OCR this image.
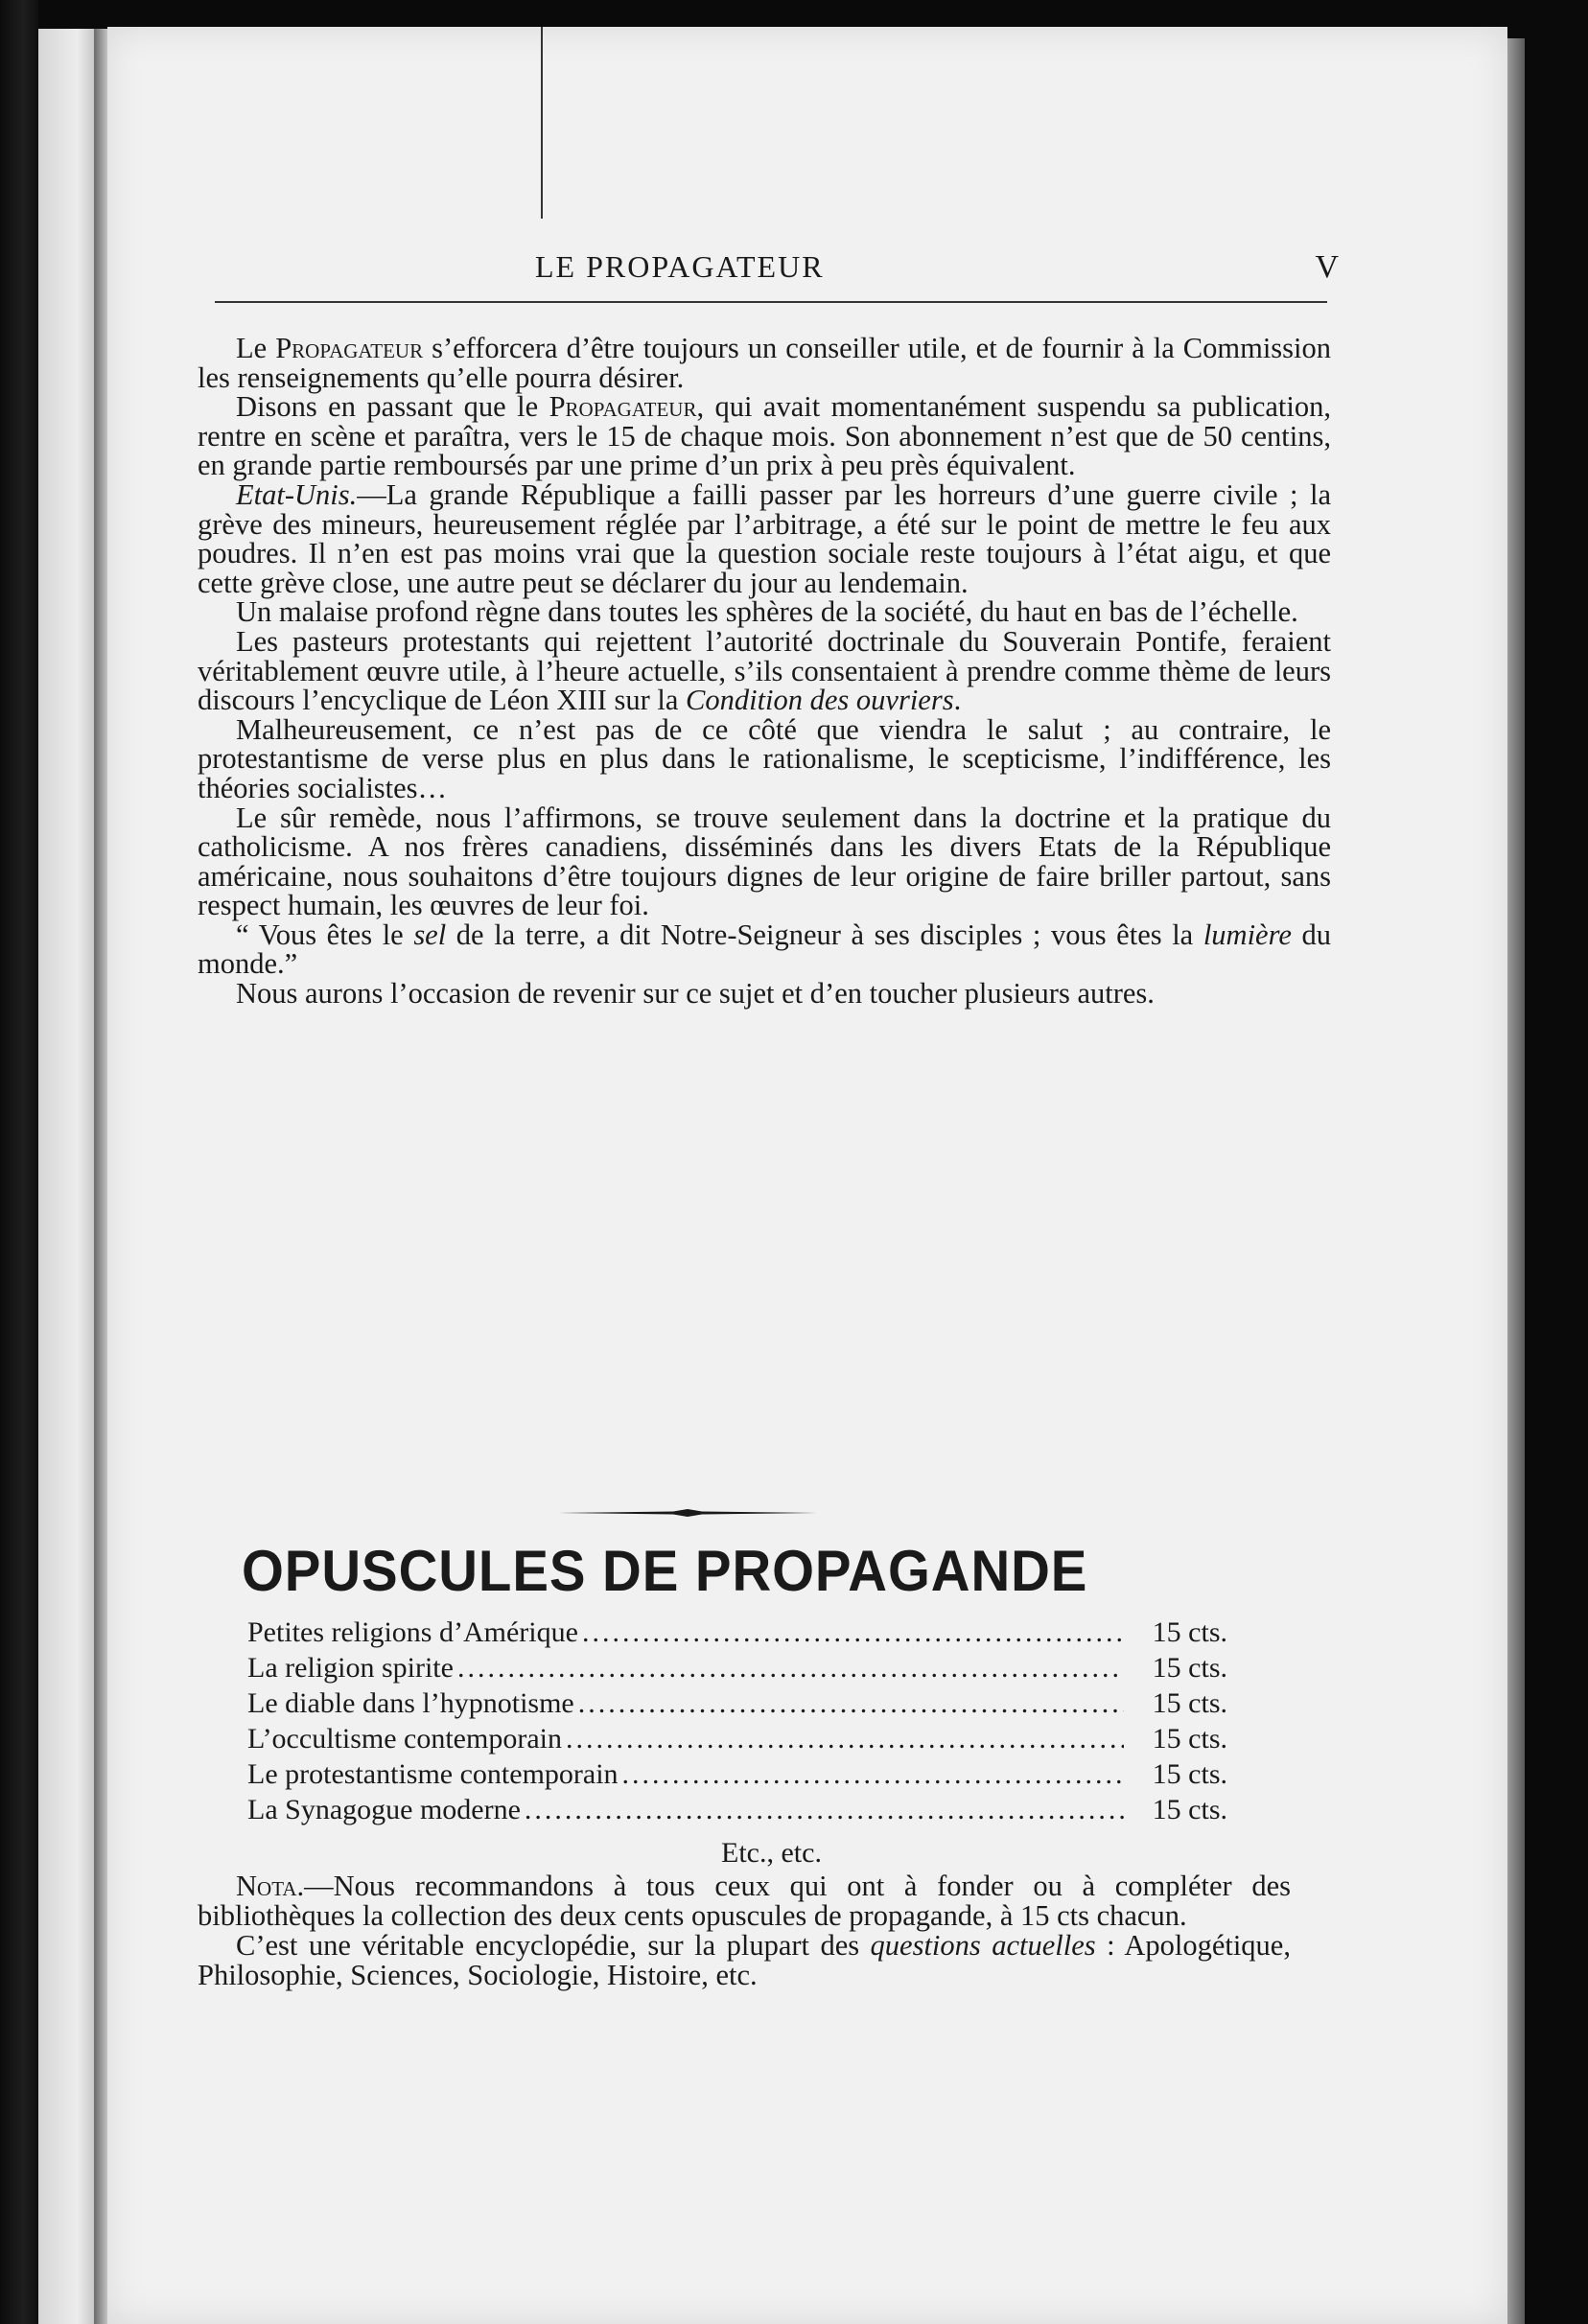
LE PROPAGATEUR	V

Le Propagateur s’efforcera d’être toujours un conseiller utile, et de fournir à la Commission les renseignements qu’elle pourra désirer.

Disons en passant que le Propagateur, qui avait momentanément suspendu sa publication, rentre en scène et paraîtra, vers le 15 de chaque mois. Son abonnement n’est que de 50 centins, en grande partie remboursés par une prime d’un prix à peu près équivalent.

Etat-Unis.—La grande République a failli passer par les horreurs d’une guerre civile ; la grève des mineurs, heureusement réglée par l’arbitrage, a été sur le point de mettre le feu aux poudres. Il n’en est pas moins vrai que la question sociale reste toujours à l’état aigu, et que cette grève close, une autre peut se déclarer du jour au lendemain.

Un malaise profond règne dans toutes les sphères de la société, du haut en bas de l’échelle.

Les pasteurs protestants qui rejettent l’autorité doctrinale du Souverain Pontife, feraient véritablement œuvre utile, à l’heure actuelle, s’ils consentaient à prendre comme thème de leurs discours l’encyclique de Léon XIII sur la Condition des ouvriers.

Malheureusement, ce n’est pas de ce côté que viendra le salut ; au contraire, le protestantisme de verse plus en plus dans le rationalisme, le scepticisme, l’indifférence, les théories socialistes…

Le sûr remède, nous l’affirmons, se trouve seulement dans la doctrine et la pratique du catholicisme. A nos frères canadiens, disséminés dans les divers Etats de la République américaine, nous souhaitons d’être toujours dignes de leur origine de faire briller partout, sans respect humain, les œuvres de leur foi.

“ Vous êtes le sel de la terre, a dit Notre-Seigneur à ses disciples ; vous êtes la lumière du monde.”

Nous aurons l’occasion de revenir sur ce sujet et d’en toucher plusieurs autres.

OPUSCULES DE PROPAGANDE
Petites religions d’Amérique .....	15 cts.
La religion spirite .....	15 cts.
Le diable dans l’hypnotisme .....	15 cts.
L’occultisme contemporain .....	15 cts.
Le protestantisme contemporain .....	15 cts.
La Synagogue moderne .....	15 cts.
Etc., etc.

Nota.—Nous recommandons à tous ceux qui ont à fonder ou à compléter des bibliothèques la collection des deux cents opuscules de propagande, à 15 cts chacun.

C’est une véritable encyclopédie, sur la plupart des questions actuelles : Apologétique, Philosophie, Sciences, Sociologie, Histoire, etc.
